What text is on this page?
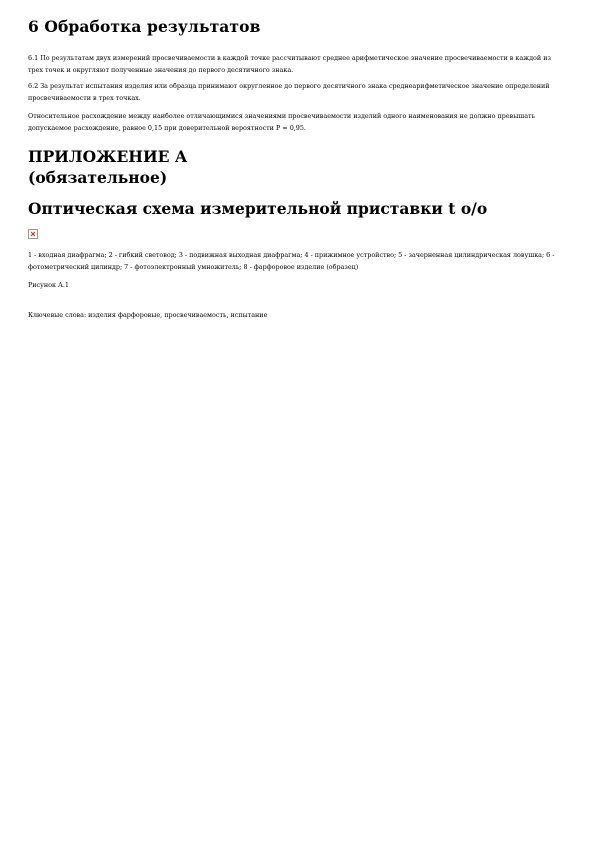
6 Обработка результатов

6.1 По результатам двух измерений просвечиваемости в каждой точке рассчитывают среднее арифметическое значение просвечиваемости в каждой из трех точек и округляют полученные значения до первого десятичного знака.

6.2 За результат испытания изделия или образца принимают округленное до первого десятичного знака среднеарифметическое значение определений просвечиваемости в трех точках.

Относительное расхождение между наиболее отличающимися значениями просвечиваемости изделий одного наименования не должно превышать допускаемое расхождение, равное 0,15 при доверительной вероятности P = 0,95.

ПРИЛОЖЕНИЕ А
(обязательное)
Оптическая схема измерительной приставки t o/o

1 - входная диафрагма; 2 - гибкий световод; 3 - подвижная выходная диафрагма; 4 - прижимное устройство; 5 - зачерненная цилиндрическая ловушка; 6 - фотометрический цилиндр; 7 - фотоэлектронный умножитель; 8 - фарфоровое изделие (образец)

Рисунок А.1

Ключевые слова: изделия фарфоровые, просвечиваемость, испытание
